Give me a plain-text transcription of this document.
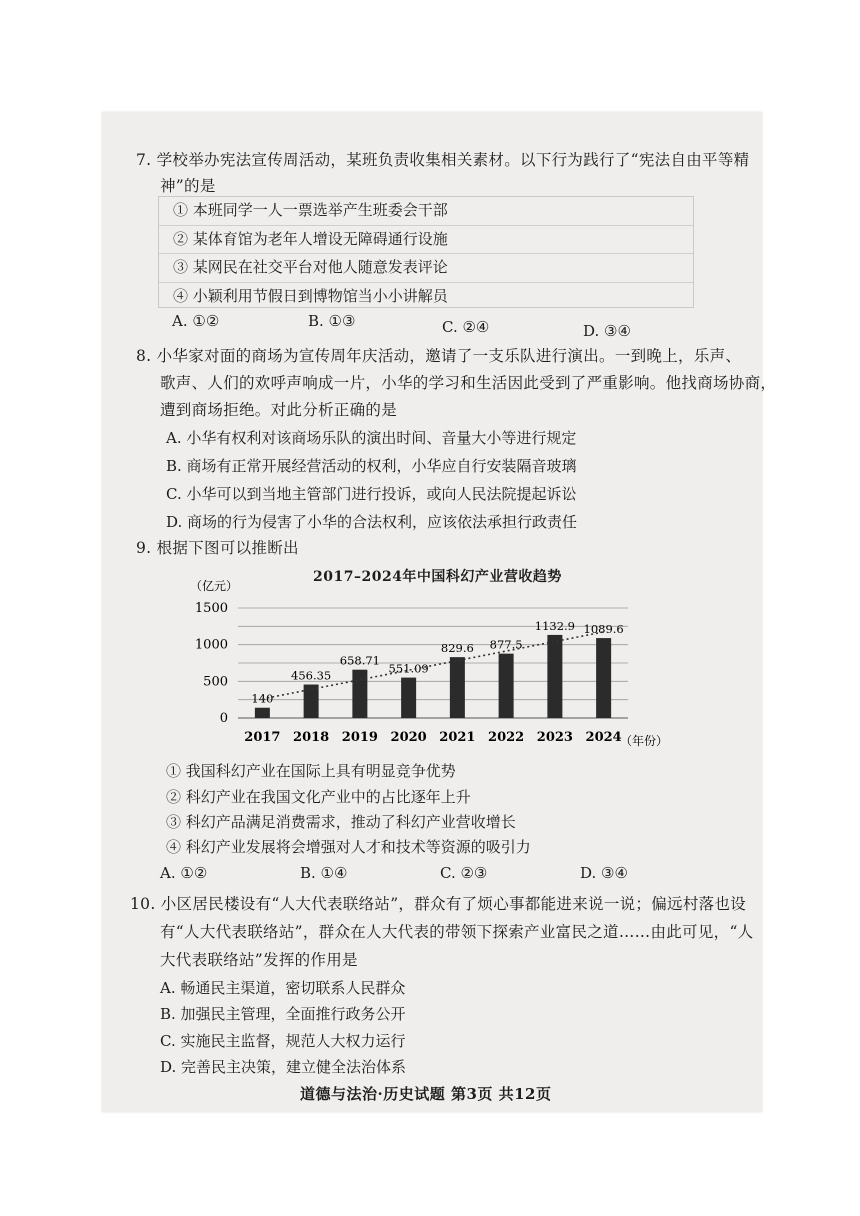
7. 学校举办宪法宣传周活动，某班负责收集相关素材。以下行为践行了“宪法自由平等精
神”的是
① 本班同学一人一票选举产生班委会干部
② 某体育馆为老年人增设无障碍通行设施
③ 某网民在社交平台对他人随意发表评论
④ 小颖利用节假日到博物馆当小小讲解员
A. ①②	B. ①③	C. ②④	D. ③④
8. 小华家对面的商场为宣传周年庆活动，邀请了一支乐队进行演出。一到晚上，乐声、
歌声、人们的欢呼声响成一片，小华的学习和生活因此受到了严重影响。他找商场协商，
遭到商场拒绝。对此分析正确的是
A. 小华有权利对该商场乐队的演出时间、音量大小等进行规定
B. 商场有正常开展经营活动的权利，小华应自行安装隔音玻璃
C. 小华可以到当地主管部门进行投诉，或向人民法院提起诉讼
D. 商场的行为侵害了小华的合法权利，应该依法承担行政责任
9. 根据下图可以推断出
2017–2024年中国科幻产业营收趋势
0
500
1000
1500
140
456.35
658.71
551.09
829.6 877.5
1132.9 1089.6
2017 2018 2019 2020 2021 2022 2023 2024
（亿元）
（年份）
① 我国科幻产业在国际上具有明显竞争优势
② 科幻产业在我国文化产业中的占比逐年上升
③ 科幻产品满足消费需求，推动了科幻产业营收增长
④ 科幻产业发展将会增强对人才和技术等资源的吸引力
A. ①②	B. ①④	C. ②③	D. ③④
10. 小区居民楼设有“人大代表联络站”，群众有了烦心事都能进来说一说；偏远村落也设
有“人大代表联络站”，群众在人大代表的带领下探索产业富民之道……由此可见，“人
大代表联络站”发挥的作用是
A. 畅通民主渠道，密切联系人民群众
B. 加强民主管理，全面推行政务公开
C. 实施民主监督，规范人大权力运行
D. 完善民主决策，建立健全法治体系
道德与法治·历史试题 第3页 共12页
